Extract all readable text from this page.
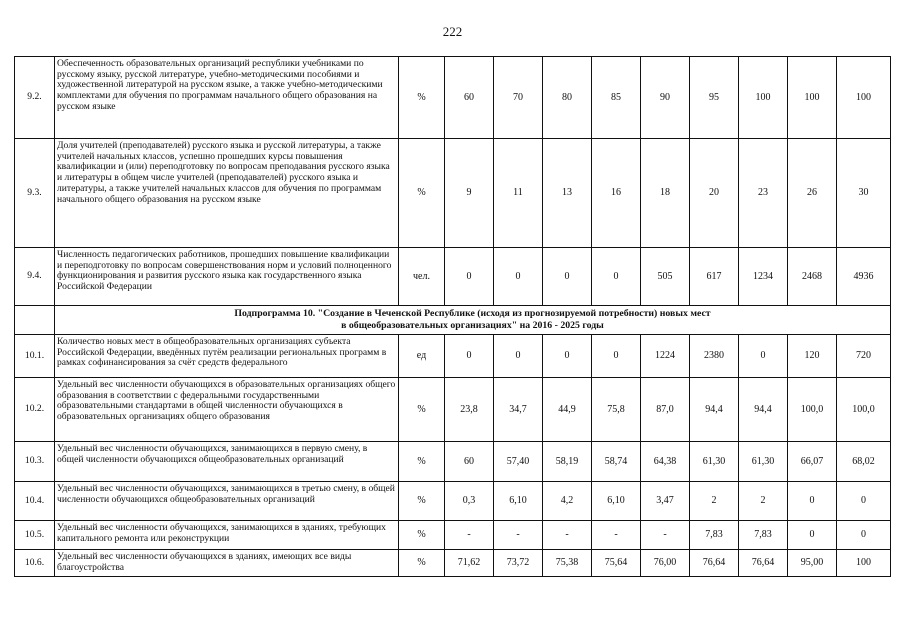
222
9.2.	Обеспеченность образовательных организаций республики учебниками по русскому языку, русской литературе, учебно-методическими пособиями и художественной литературой на русском языке, а также учебно-методическими комплектами для обучения по программам начального общего образования на русском языке	%	60	70	80	85	90	95	100	100	100
9.3.	Доля учителей (преподавателей) русского языка и русской литературы, а также учителей начальных классов, успешно прошедших курсы повышения квалификации и (или) переподготовку по вопросам преподавания русского языка и литературы в общем числе учителей (преподавателей) русского языка и литературы, а также учителей начальных классов для обучения по программам начального общего образования на русском языке	%	9	11	13	16	18	20	23	26	30
9.4.	Численность педагогических работников, прошедших повышение квалификации и переподготовку по вопросам совершенствования норм и условий полноценного функционирования и развития русского языка как государственного языка Российской Федерации	чел.	0	0	0	0	505	617	1234	2468	4936

	Подпрограмма 10. "Создание в Чеченской Республике (исходя из прогнозируемой потребности) новых мест
в общеобразовательных организациях" на 2016 - 2025 годы										

10.1.	Количество новых мест в общеобразовательных организациях субъекта Российской Федерации, введённых путём реализации региональных программ в рамках софинансирования за счёт средств федерального	ед	0	0	0	0	1224	2380	0	120	720
10.2.	Удельный вес численности обучающихся в образовательных организациях общего образования в соответствии с федеральными государственными образовательными стандартами в общей численности обучающихся в образовательных организациях общего образования	%	23,8	34,7	44,9	75,8	87,0	94,4	94,4	100,0	100,0
10.3.	Удельный вес численности обучающихся, занимающихся в первую смену, в общей численности обучающихся общеобразовательных организаций	%	60	57,40	58,19	58,74	64,38	61,30	61,30	66,07	68,02
10.4.	Удельный вес численности обучающихся, занимающихся в третью смену, в общей численности обучающихся общеобразовательных организаций	%	0,3	6,10	4,2	6,10	3,47	2	2	0	0
10.5.	Удельный вес численности обучающихся, занимающихся в зданиях, требующих капитального ремонта или реконструкции	%	-	-	-	-	-	7,83	7,83	0	0
10.6.	Удельный вес численности обучающихся в зданиях, имеющих все виды благоустройства	%	71,62	73,72	75,38	75,64	76,00	76,64	76,64	95,00	100
